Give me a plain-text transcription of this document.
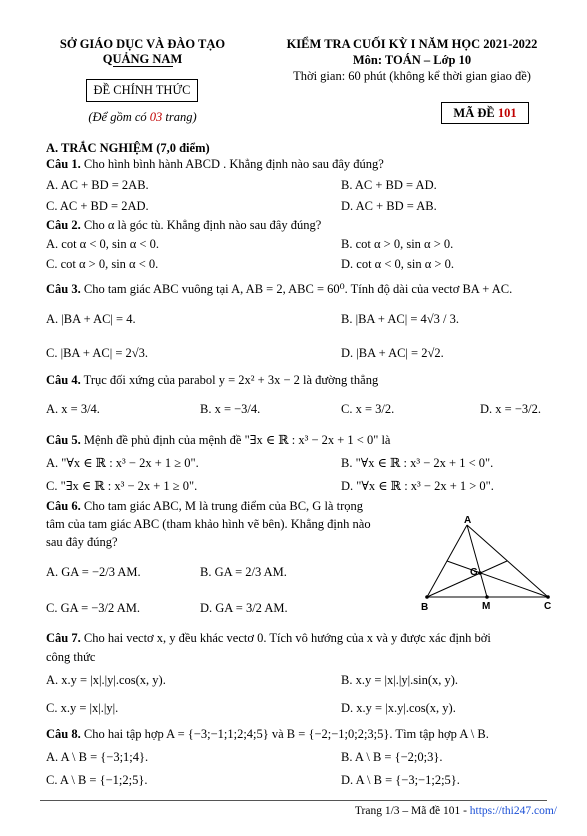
SỞ GIÁO DỤC VÀ ĐÀO TẠO
QUẢNG NAM
ĐỀ CHÍNH THỨC
(Để gồm có 03 trang)
KIỂM TRA CUỐI KỲ I NĂM HỌC 2021-2022
Môn: TOÁN – Lớp 10
Thời gian: 60 phút (không kể thời gian giao đề)
MÃ ĐỀ 101
A. TRẮC NGHIỆM (7,0 điểm)
Câu 1. Cho hình bình hành ABCD . Khẳng định nào sau đây đúng?
A. AC + BD = 2AB.	B. AC + BD = AD.
C. AC + BD = 2AD.	D. AC + BD = AB.
Câu 2. Cho α là góc tù. Khẳng định nào sau đây đúng?
A. cot α < 0, sin α < 0.	B. cot α > 0, sin α > 0.
C. cot α > 0, sin α < 0.	D. cot α < 0, sin α > 0.
Câu 3. Cho tam giác ABC vuông tại A, AB = 2, ABC = 60⁰. Tính độ dài của vectơ BA + AC.
A. |BA + AC| = 4.	B. |BA + AC| = 4√3 / 3.
C. |BA + AC| = 2√3.	D. |BA + AC| = 2√2.
Câu 4. Trục đối xứng của parabol y = 2x² + 3x − 2 là đường thẳng
A. x = 3/4.	B. x = −3/4.	C. x = 3/2.	D. x = −3/2.
Câu 5. Mệnh đề phủ định của mệnh đề "∃x ∈ ℝ : x³ − 2x + 1 < 0" là
A. "∀x ∈ ℝ : x³ − 2x + 1 ≥ 0".	B. "∀x ∈ ℝ : x³ − 2x + 1 < 0".
C. "∃x ∈ ℝ : x³ − 2x + 1 ≥ 0".	D. "∀x ∈ ℝ : x³ − 2x + 1 > 0".
Câu 6. Cho tam giác ABC, M là trung điểm của BC, G là trọng
tâm của tam giác ABC (tham khảo hình vẽ bên). Khẳng định nào
sau đây đúng?
A. GA = −2/3 AM.	B. GA = 2/3 AM.
C. GA = −3/2 AM.	D. GA = 3/2 AM.
A
B	C
M
G
Câu 7. Cho hai vectơ x, y đều khác vectơ 0. Tích vô hướng của x và y được xác định bởi
công thức
A. x.y = |x|.|y|.cos(x, y).	B. x.y = |x|.|y|.sin(x, y).
C. x.y = |x|.|y|.	D. x.y = |x.y|.cos(x, y).
Câu 8. Cho hai tập hợp A = {−3;−1;1;2;4;5} và B = {−2;−1;0;2;3;5}. Tìm tập hợp A \ B.
A. A \ B = {−3;1;4}.	B. A \ B = {−2;0;3}.
C. A \ B = {−1;2;5}.	D. A \ B = {−3;−1;2;5}.
Trang 1/3 – Mã đề 101 - https://thi247.com/
